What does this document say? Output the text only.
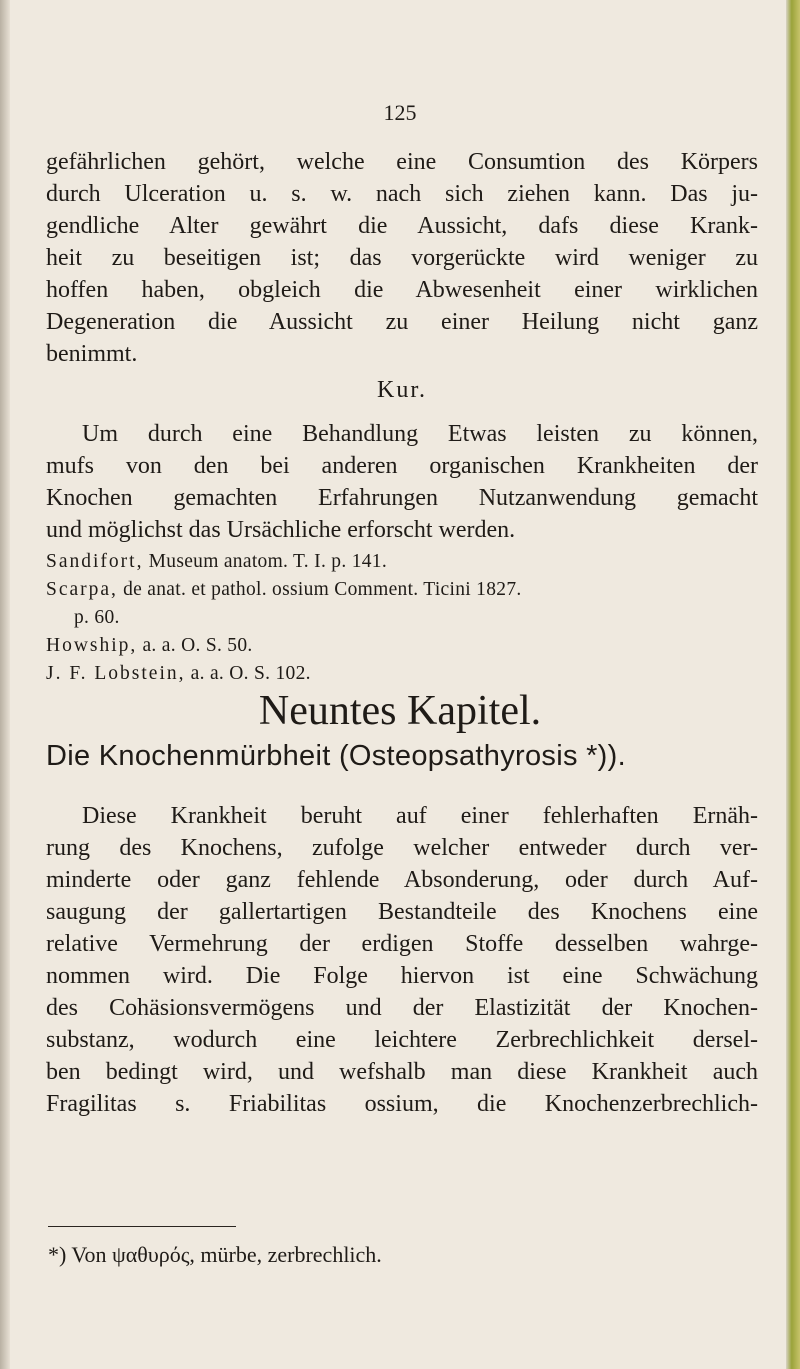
125
gefährlichen gehört, welche eine Consumtion des Körpers
durch Ulceration u. s. w. nach sich ziehen kann. Das ju-
gendliche Alter gewährt die Aussicht, dafs diese Krank-
heit zu beseitigen ist; das vorgerückte wird weniger zu
hoffen haben, obgleich die Abwesenheit einer wirklichen
Degeneration die Aussicht zu einer Heilung nicht ganz
benimmt.
Kur.
Um durch eine Behandlung Etwas leisten zu können,
mufs von den bei anderen organischen Krankheiten der
Knochen gemachten Erfahrungen Nutzanwendung gemacht
und möglichst das Ursächliche erforscht werden.
Sandifort, Museum anatom. T. I. p. 141.
Scarpa, de anat. et pathol. ossium Comment. Ticini 1827.
p. 60.
Howship, a. a. O. S. 50.
J. F. Lobstein, a. a. O. S. 102.
Neuntes Kapitel.
Die Knochenmürbheit (Osteopsathyrosis *)).
Diese Krankheit beruht auf einer fehlerhaften Ernäh-
rung des Knochens, zufolge welcher entweder durch ver-
minderte oder ganz fehlende Absonderung, oder durch Auf-
saugung der gallertartigen Bestandteile des Knochens eine
relative Vermehrung der erdigen Stoffe desselben wahrge-
nommen wird. Die Folge hiervon ist eine Schwächung
des Cohäsionsvermögens und der Elastizität der Knochen-
substanz, wodurch eine leichtere Zerbrechlichkeit dersel-
ben bedingt wird, und wefshalb man diese Krankheit auch
Fragilitas s. Friabilitas ossium, die Knochenzerbrechlich-
*) Von ψαθυρός, mürbe, zerbrechlich.
